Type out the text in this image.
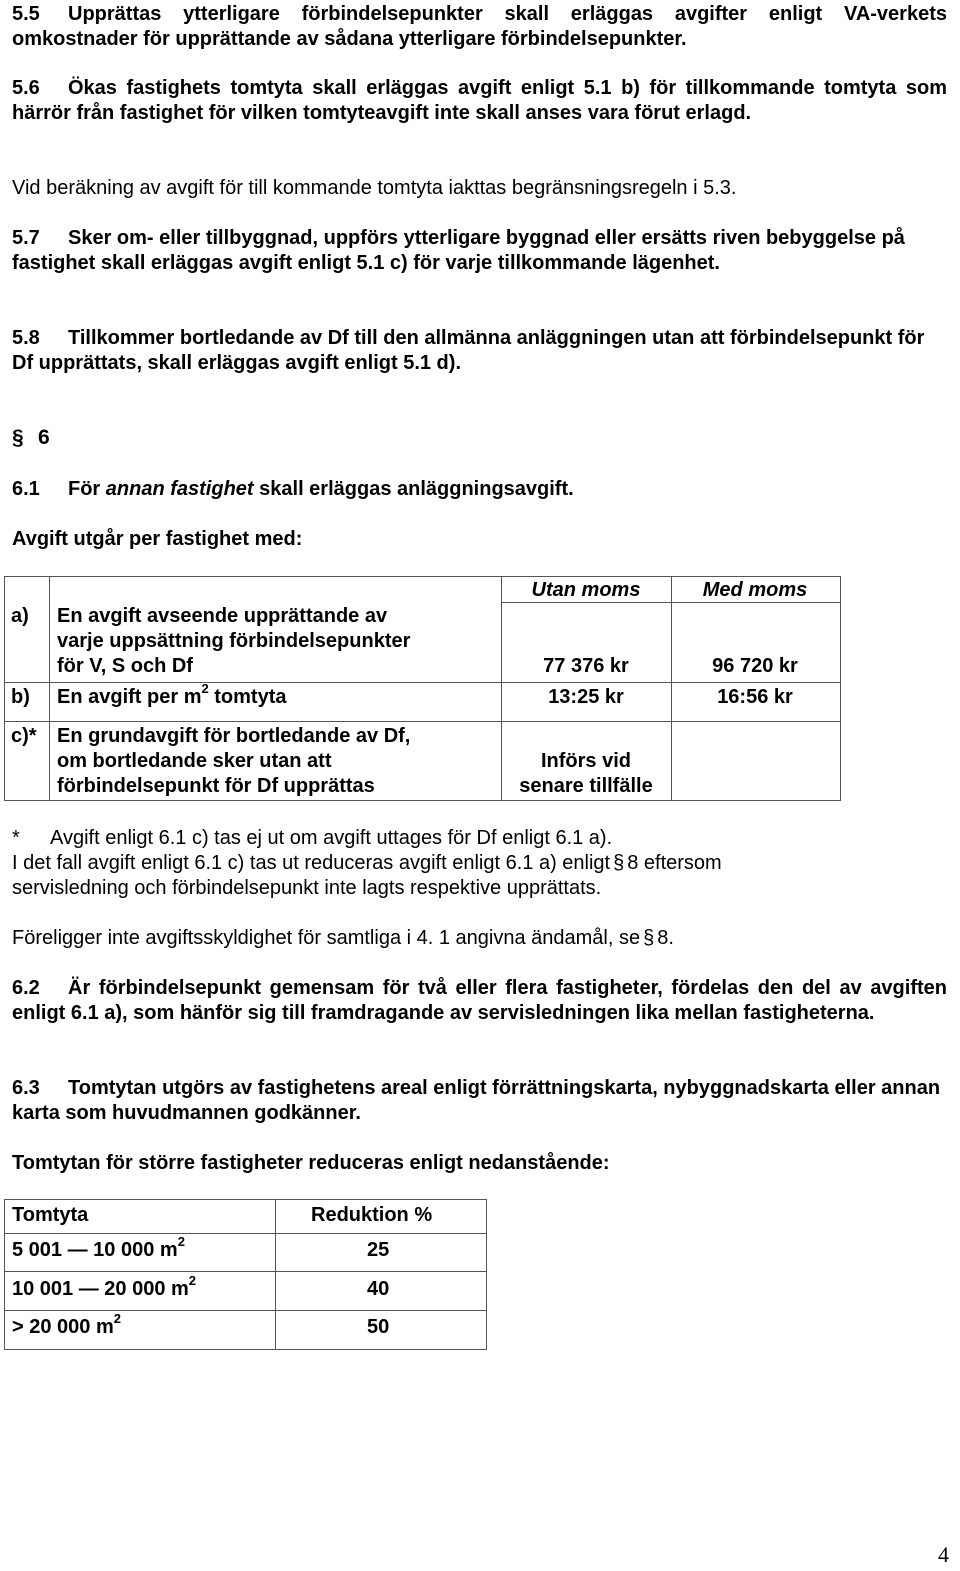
5.5 Upprättas ytterligare förbindelsepunkter skall erläggas avgifter enligt VA-verkets omkostnader för upprättande av sådana ytterligare förbindelsepunkter.
5.6 Ökas fastighets tomtyta skall erläggas avgift enligt 5.1 b) för tillkommande tomtyta som härrör från fastighet för vilken tomtyteavgift inte skall anses vara förut erlagd.
Vid beräkning av avgift för till kommande tomtyta iakttas begränsningsregeln i 5.3.
5.7 Sker om- eller tillbyggnad, uppförs ytterligare byggnad eller ersätts riven bebyggelse på fastighet skall erläggas avgift enligt 5.1 c) för varje tillkommande lägenhet.
5.8 Tillkommer bortledande av Df till den allmänna anläggningen utan att förbindelsepunkt för Df upprättats, skall erläggas avgift enligt 5.1 d).
§ 6
6.1 För annan fastighet skall erläggas anläggningsavgift.
Avgift utgår per fastighet med:
Utan moms	Med moms
a) En avgift avseende upprättande av
varje uppsättning förbindelsepunkter
för V, S och Df	77 376 kr	96 720 kr
b) En avgift per $m^2$ tomtyta	13:25 kr	16:56 kr
c)* En grundavgift för bortledande av Df,
om bortledande sker utan att
förbindelsepunkt för Df upprättas
Införs vid
senare tillfälle
* Avgift enligt 6.1 c) tas ej ut om avgift uttages för Df enligt 6.1 a).
I det fall avgift enligt 6.1 c) tas ut reduceras avgift enligt 6.1 a) enligt § 8 eftersom
servisledning och förbindelsepunkt inte lagts respektive upprättats.
Föreligger inte avgiftsskyldighet för samtliga i 4. 1 angivna ändamål, se § 8.
6.2 Är förbindelsepunkt gemensam för två eller flera fastigheter, fördelas den del av avgiften enligt 6.1 a), som hänför sig till framdragande av servisledningen lika mellan fastigheterna.
6.3 Tomtytan utgörs av fastighetens areal enligt förrättningskarta, nybyggnadskarta eller annan karta som huvudmannen godkänner.
Tomtytan för större fastigheter reduceras enligt nedanstående:
Tomtyta	Reduktion %
5 001 — 10 000 $m^2$	25
10 001 — 20 000 $m^2$	40
> 20 000 $m^2$	50
4
